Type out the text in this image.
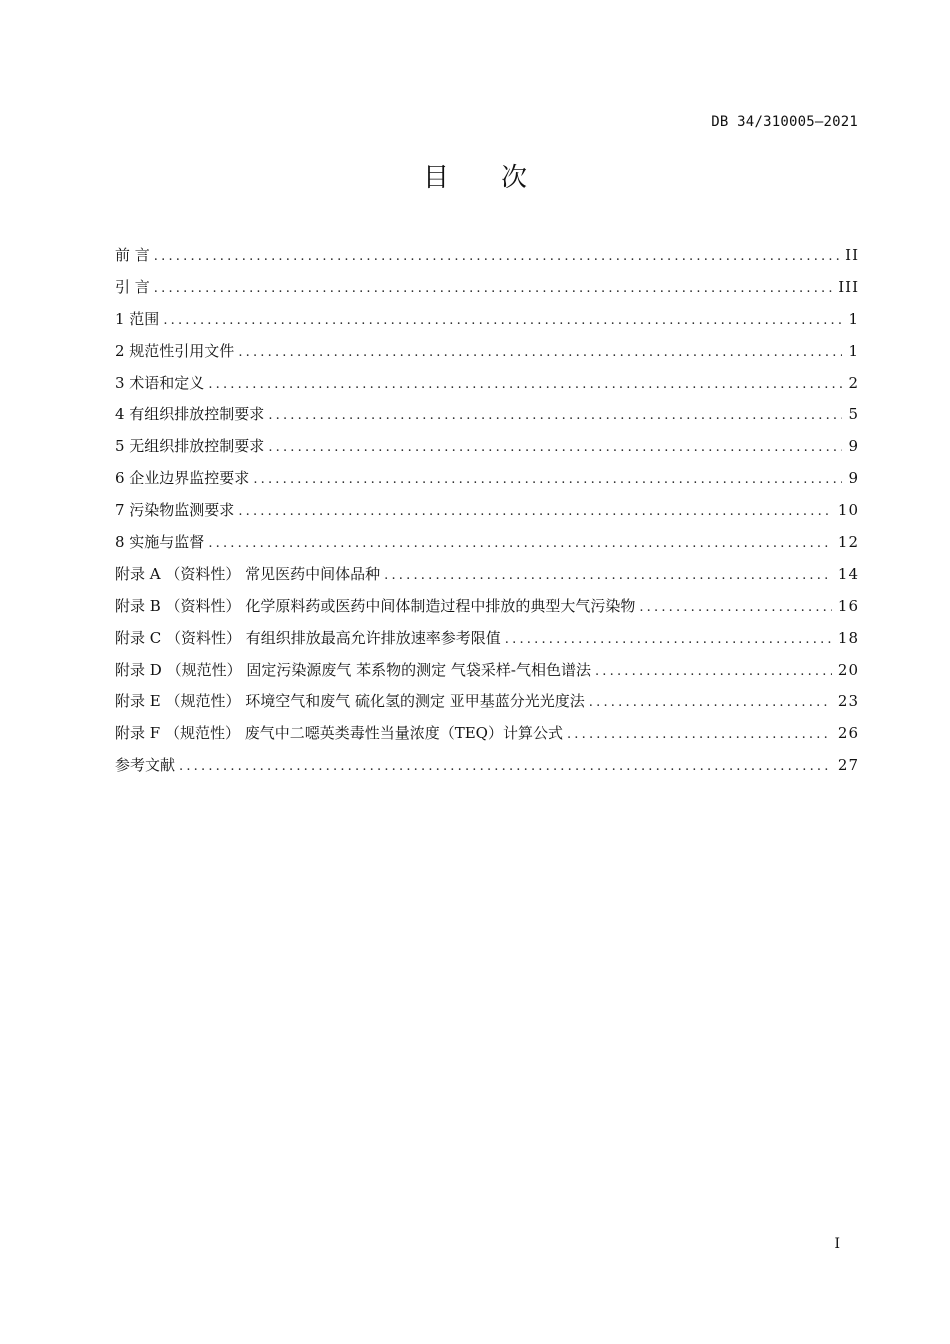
DB 34/310005—2021
目 次
前 言 .....	II
引 言 .....	III
1 范围 .....	1
2 规范性引用文件 .....	1
3 术语和定义 .....	2
4 有组织排放控制要求 .....	5
5 无组织排放控制要求 .....	9
6 企业边界监控要求 .....	9
7 污染物监测要求 .....	10
8 实施与监督 .....	12
附录 A （资料性） 常见医药中间体品种 .....	14
附录 B （资料性） 化学原料药或医药中间体制造过程中排放的典型大气污染物 .....	16
附录 C （资料性） 有组织排放最高允许排放速率参考限值 .....	18
附录 D （规范性） 固定污染源废气 苯系物的测定 气袋采样-气相色谱法 .....	20
附录 E （规范性） 环境空气和废气 硫化氢的测定 亚甲基蓝分光光度法 .....	23
附录 F （规范性） 废气中二噁英类毒性当量浓度（TEQ）计算公式 .....	26
参考文献 .....	27
I
